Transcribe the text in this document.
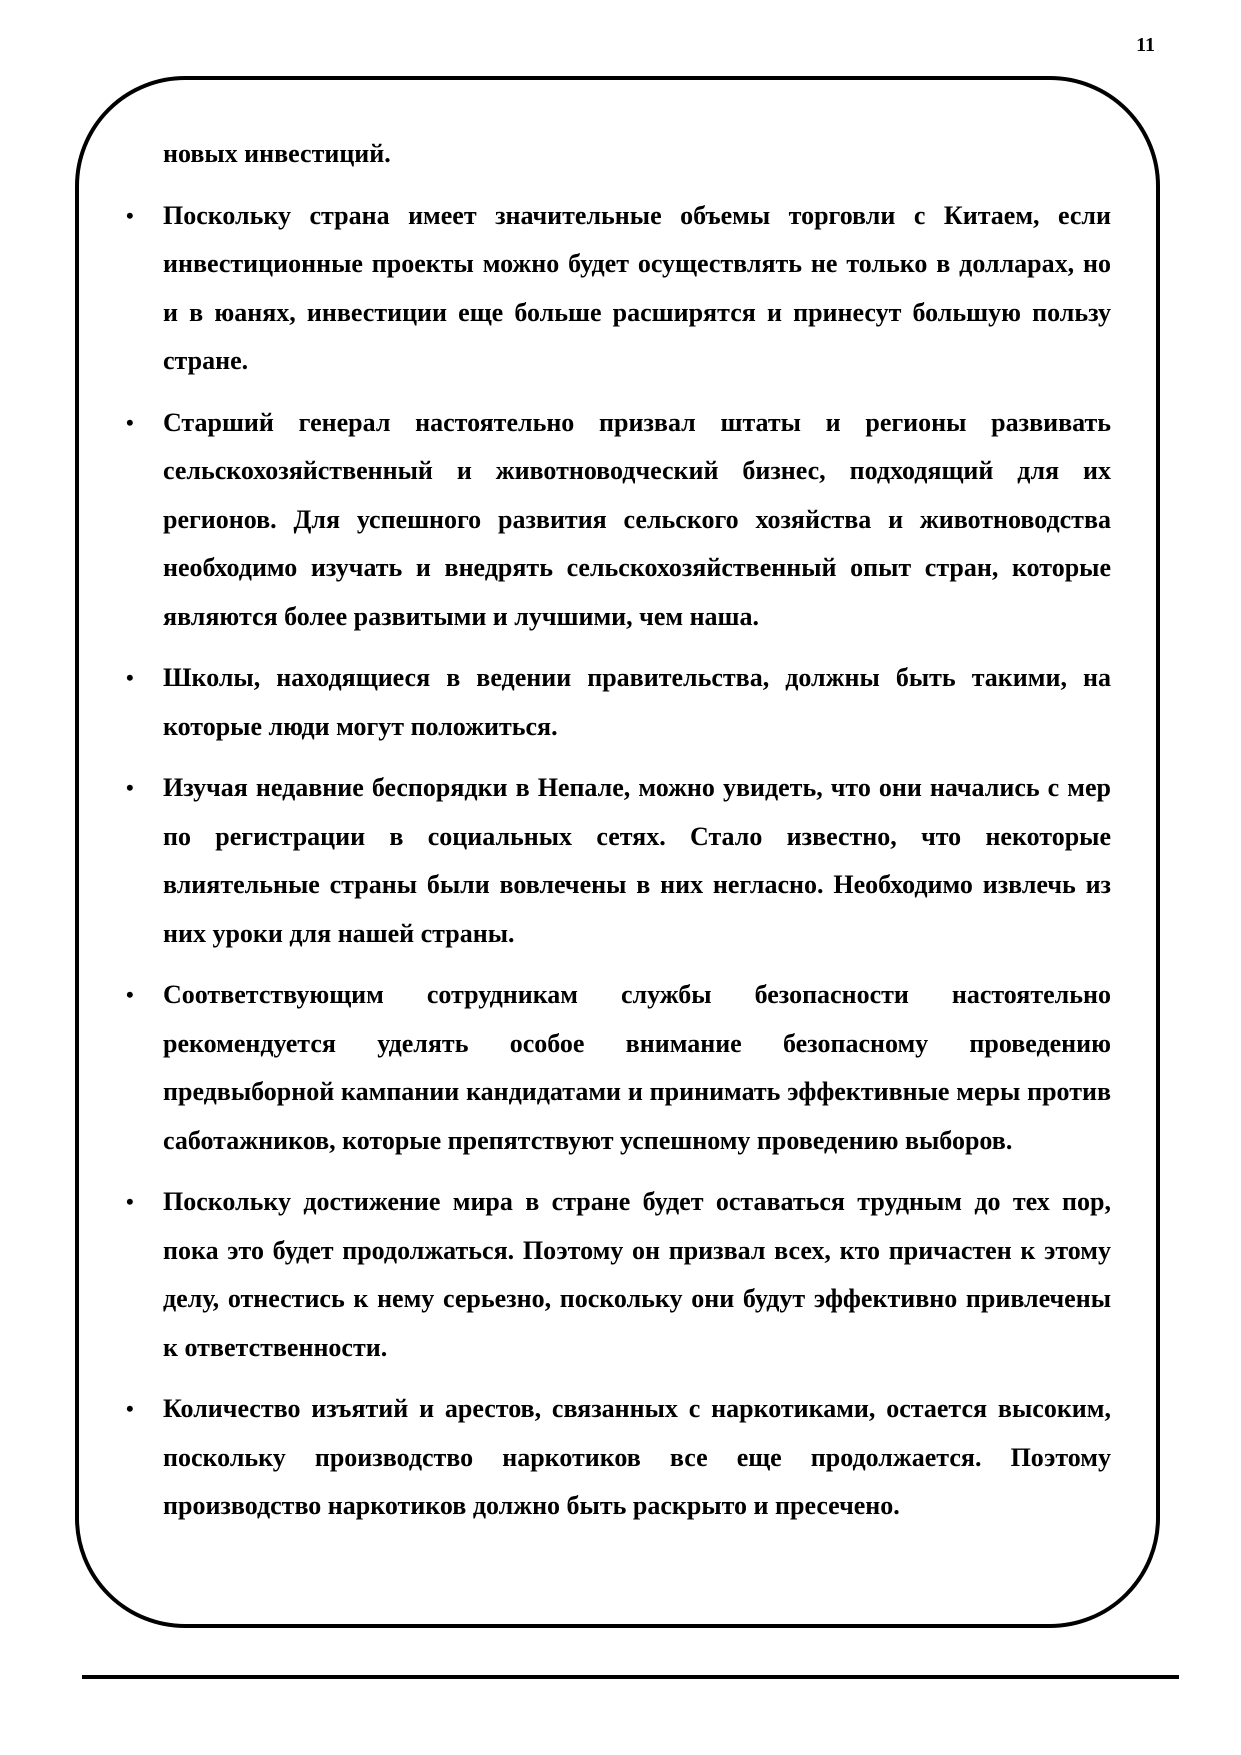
11

новых инвестиций.

• Поскольку страна имеет значительные объемы торговли с Китаем, если инвестиционные проекты можно будет осуществлять не только в долларах, но и в юанях, инвестиции еще больше расширятся и принесут большую пользу стране.
• Старший генерал настоятельно призвал штаты и регионы развивать сельскохозяйственный и животноводческий бизнес, подходящий для их регионов. Для успешного развития сельского хозяйства и животноводства необходимо изучать и внедрять сельскохозяйственный опыт стран, которые являются более развитыми и лучшими, чем наша.
• Школы, находящиеся в ведении правительства, должны быть такими, на которые люди могут положиться.
• Изучая недавние беспорядки в Непале, можно увидеть, что они начались с мер по регистрации в социальных сетях. Стало известно, что некоторые влиятельные страны были вовлечены в них негласно. Необходимо извлечь из них уроки для нашей страны.
• Соответствующим сотрудникам службы безопасности настоятельно рекомендуется уделять особое внимание безопасному проведению предвыборной кампании кандидатами и принимать эффективные меры против саботажников, которые препятствуют успешному проведению выборов.
• Поскольку достижение мира в стране будет оставаться трудным до тех пор, пока это будет продолжаться. Поэтому он призвал всех, кто причастен к этому делу, отнестись к нему серьезно, поскольку они будут эффективно привлечены к ответственности.
• Количество изъятий и арестов, связанных с наркотиками, остается высоким, поскольку производство наркотиков все еще продолжается. Поэтому производство наркотиков должно быть раскрыто и пресечено.
